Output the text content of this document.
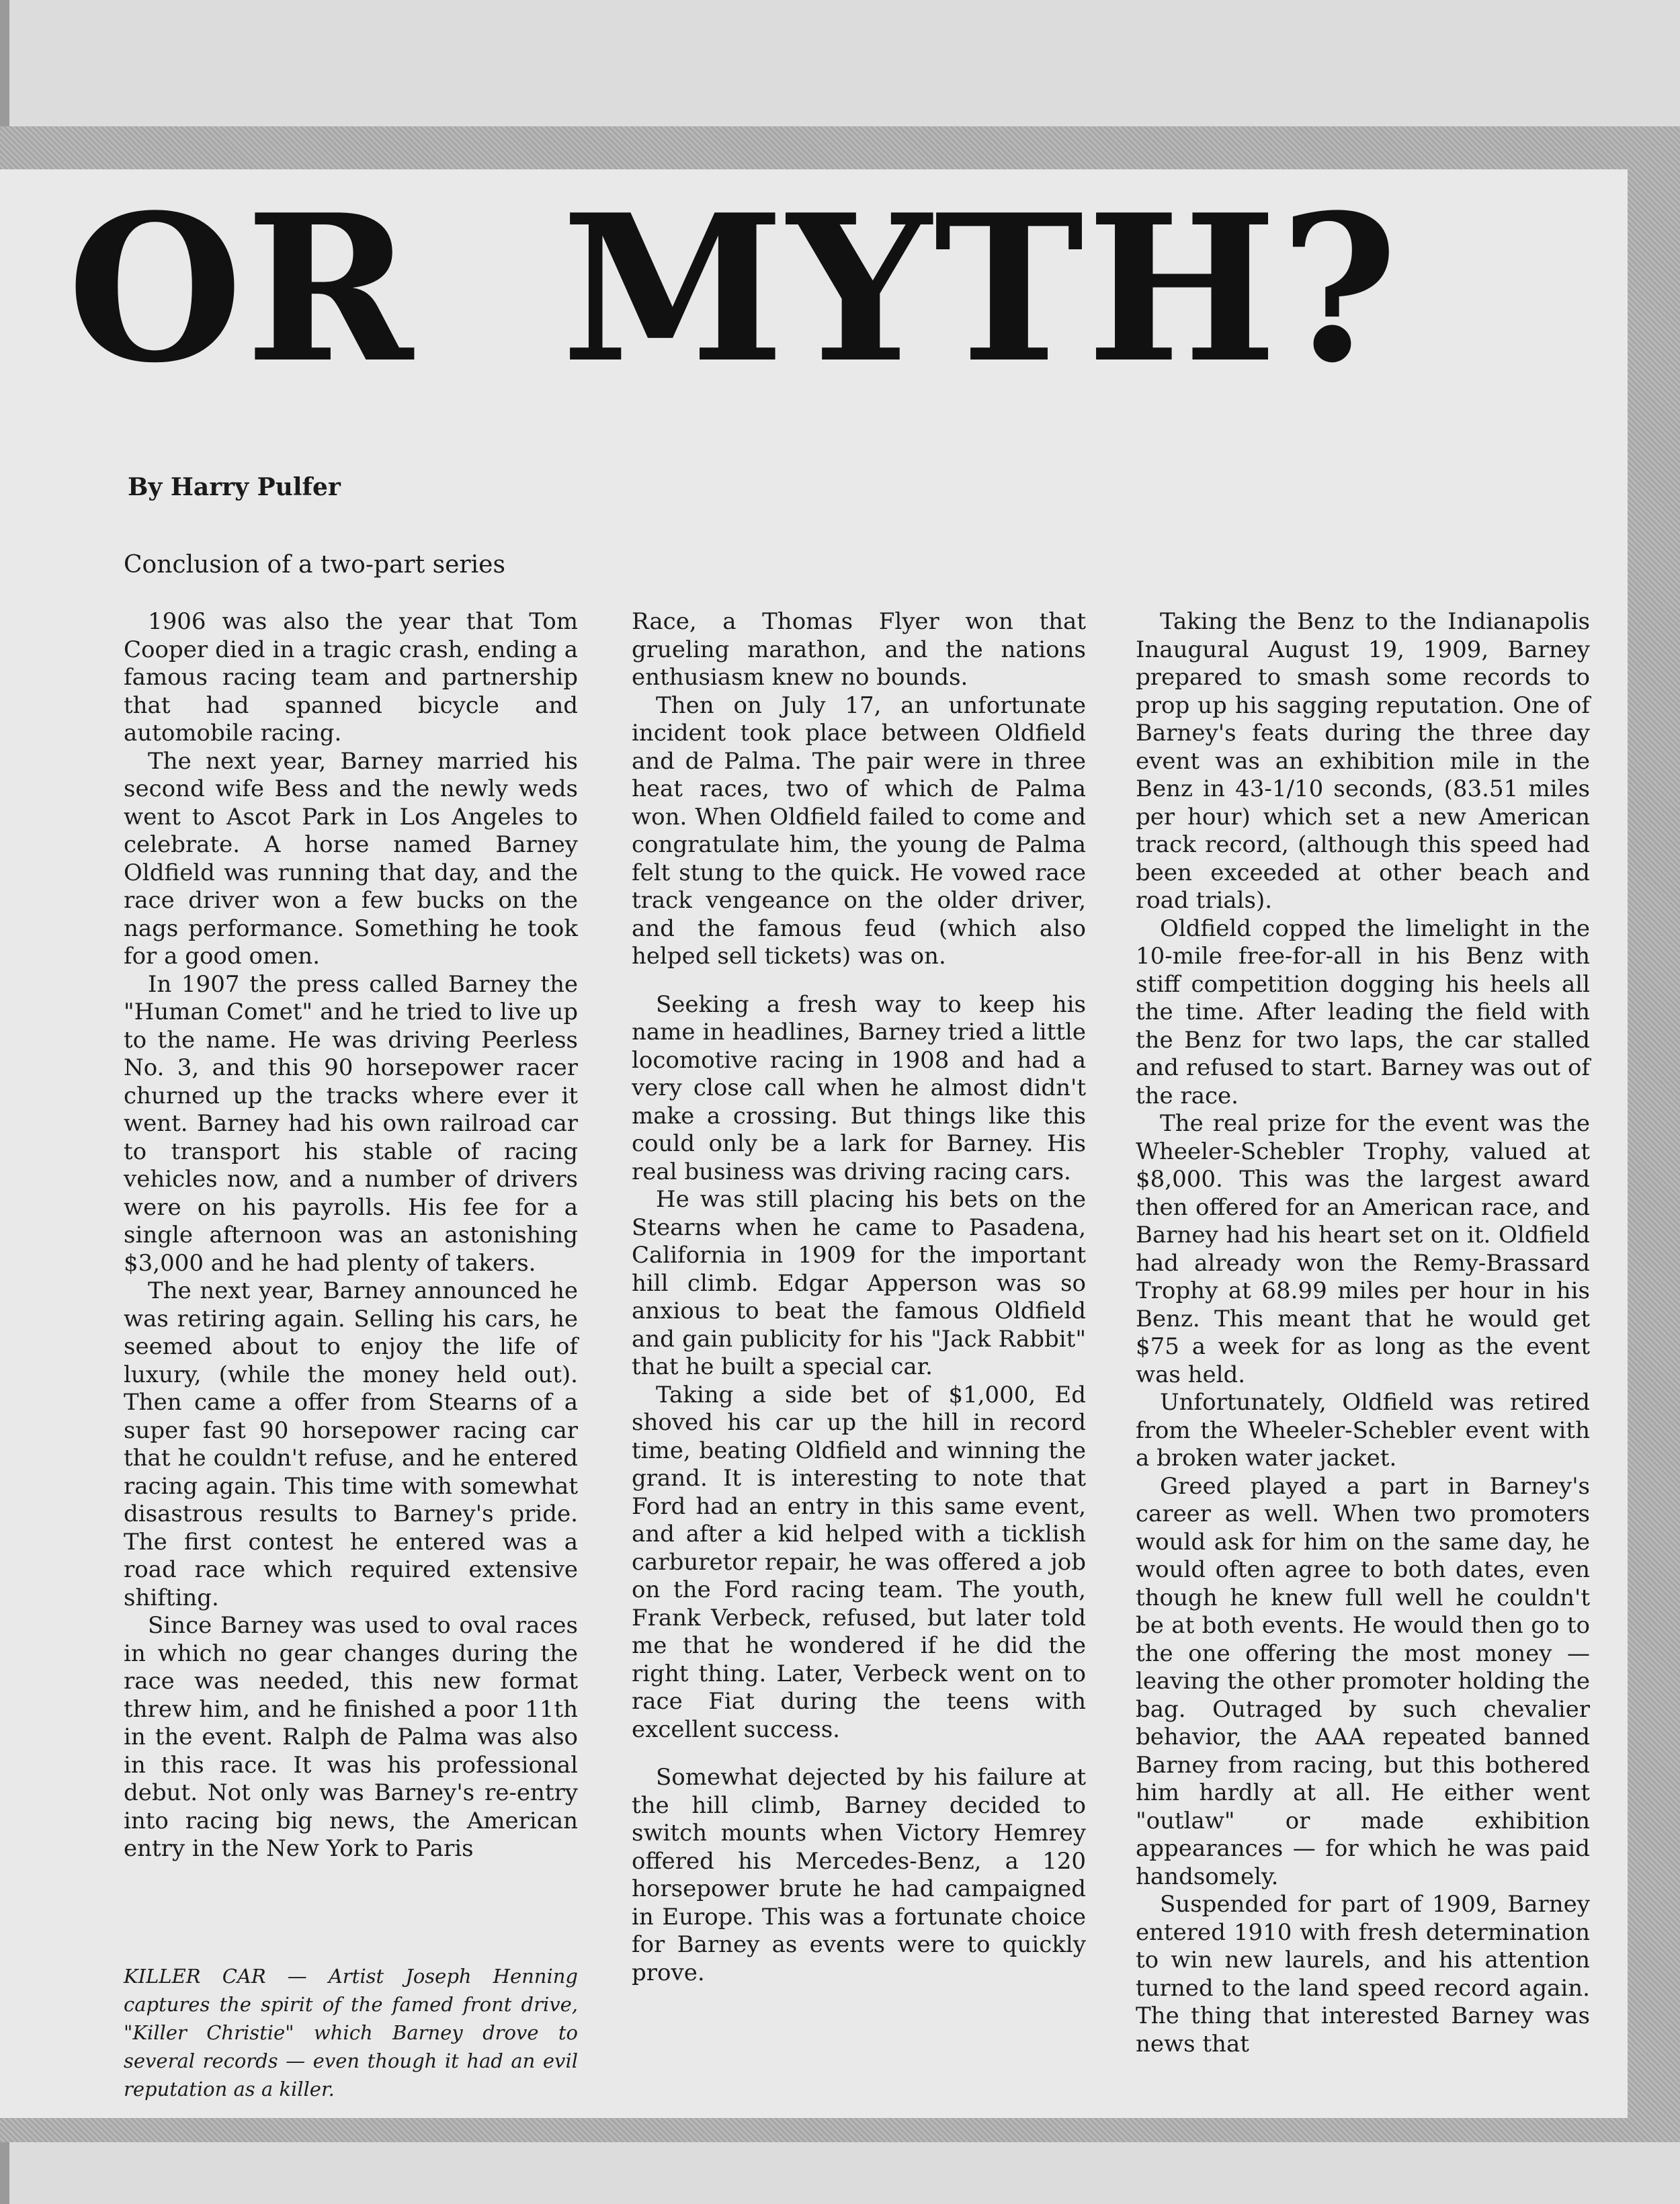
OR  MYTH?

By Harry Pulfer

Conclusion of a two-part series

1906 was also the year that Tom Cooper died in a tragic crash, ending a famous racing team and partnership that had spanned bicycle and automobile racing.

The next year, Barney married his second wife Bess and the newly weds went to Ascot Park in Los Angeles to celebrate. A horse named Barney Oldfield was running that day, and the race driver won a few bucks on the nags performance. Something he took for a good omen.

In 1907 the press called Barney the "Human Comet" and he tried to live up to the name. He was driving Peerless No. 3, and this 90 horsepower racer churned up the tracks where ever it went. Barney had his own railroad car to transport his stable of racing vehicles now, and a number of drivers were on his payrolls. His fee for a single afternoon was an astonishing $3,000 and he had plenty of takers.

The next year, Barney announced he was retiring again. Selling his cars, he seemed about to enjoy the life of luxury, (while the money held out). Then came a offer from Stearns of a super fast 90 horsepower racing car that he couldn't refuse, and he entered racing again. This time with somewhat disastrous results to Barney's pride. The first contest he entered was a road race which required extensive shifting.

Since Barney was used to oval races in which no gear changes during the race was needed, this new format threw him, and he finished a poor 11th in the event. Ralph de Palma was also in this race. It was his professional debut. Not only was Barney's re-entry into racing big news, the American entry in the New York to Paris

Race, a Thomas Flyer won that grueling marathon, and the nations enthusiasm knew no bounds.

Then on July 17, an unfortunate incident took place between Oldfield and de Palma. The pair were in three heat races, two of which de Palma won. When Oldfield failed to come and congratulate him, the young de Palma felt stung to the quick. He vowed race track vengeance on the older driver, and the famous feud (which also helped sell tickets) was on.

Seeking a fresh way to keep his name in headlines, Barney tried a little locomotive racing in 1908 and had a very close call when he almost didn't make a crossing. But things like this could only be a lark for Barney. His real business was driving racing cars.

He was still placing his bets on the Stearns when he came to Pasadena, California in 1909 for the important hill climb. Edgar Apperson was so anxious to beat the famous Oldfield and gain publicity for his "Jack Rabbit" that he built a special car.

Taking a side bet of $1,000, Ed shoved his car up the hill in record time, beating Oldfield and winning the grand. It is interesting to note that Ford had an entry in this same event, and after a kid helped with a ticklish carburetor repair, he was offered a job on the Ford racing team. The youth, Frank Verbeck, refused, but later told me that he wondered if he did the right thing. Later, Verbeck went on to race Fiat during the teens with excellent success.

Somewhat dejected by his failure at the hill climb, Barney decided to switch mounts when Victory Hemrey offered his Mercedes-Benz, a 120 horsepower brute he had campaigned in Europe. This was a fortunate choice for Barney as events were to quickly prove.

Taking the Benz to the Indianapolis Inaugural August 19, 1909, Barney prepared to smash some records to prop up his sagging reputation. One of Barney's feats during the three day event was an exhibition mile in the Benz in 43-1/10 seconds, (83.51 miles per hour) which set a new American track record, (although this speed had been exceeded at other beach and road trials).

Oldfield copped the limelight in the 10-mile free-for-all in his Benz with stiff competition dogging his heels all the time. After leading the field with the Benz for two laps, the car stalled and refused to start. Barney was out of the race.

The real prize for the event was the Wheeler-Schebler Trophy, valued at $8,000. This was the largest award then offered for an American race, and Barney had his heart set on it. Oldfield had already won the Remy-Brassard Trophy at 68.99 miles per hour in his Benz. This meant that he would get $75 a week for as long as the event was held.

Unfortunately, Oldfield was retired from the Wheeler-Schebler event with a broken water jacket.

Greed played a part in Barney's career as well. When two promoters would ask for him on the same day, he would often agree to both dates, even though he knew full well he couldn't be at both events. He would then go to the one offering the most money — leaving the other promoter holding the bag. Outraged by such chevalier behavior, the AAA repeated banned Barney from racing, but this bothered him hardly at all. He either went "outlaw" or made exhibition appearances — for which he was paid handsomely.

Suspended for part of 1909, Barney entered 1910 with fresh determination to win new laurels, and his attention turned to the land speed record again. The thing that interested Barney was news that

KILLER CAR — Artist Joseph Henning captures the spirit of the famed front drive, "Killer Christie" which Barney drove to several records — even though it had an evil reputation as a killer.
